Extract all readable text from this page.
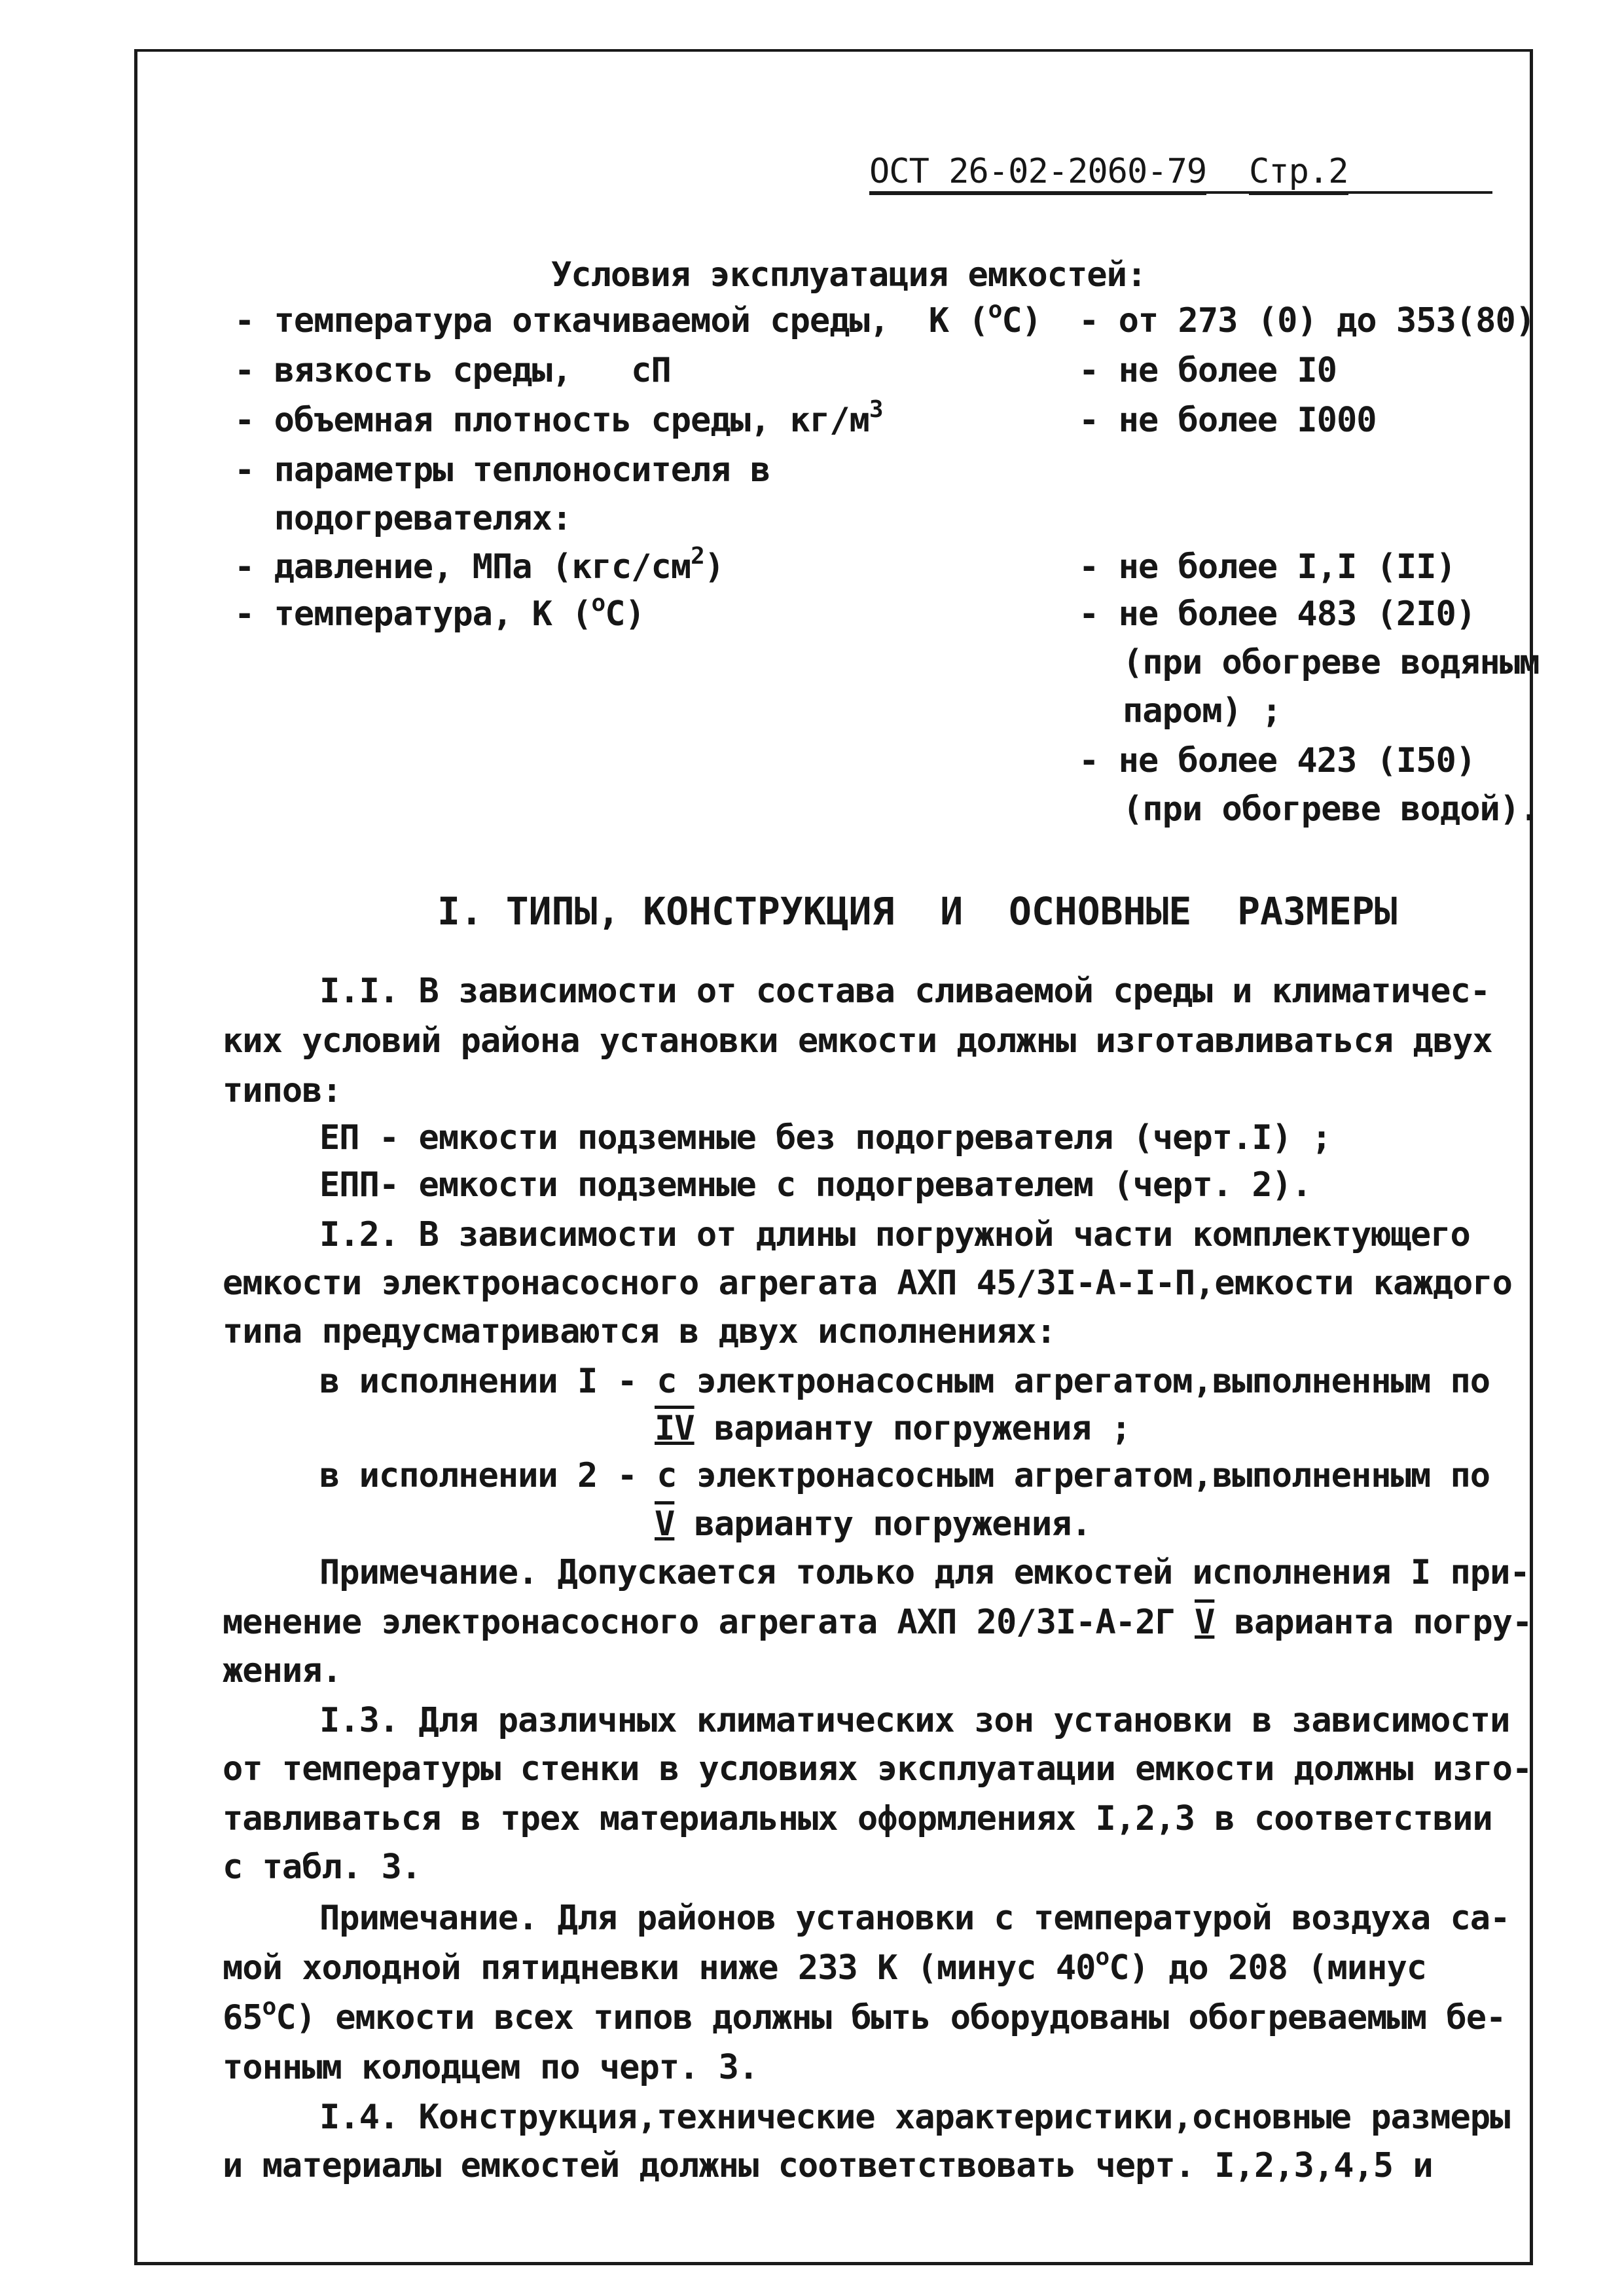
ОСТ 26-02-2060-79 Стр.2
Условия эксплуатация емкостей:
- температура откачиваемой среды,  К ($^о$С) - от 273 (0) до 353(80)
- вязкость среды,   сП	- не более I0
- объемная плотность среды, $кг/м^3$	- не более I000
- параметры теплоносителя в
подогревателях:
- давление, МПа $(кгс/см^2)$	- не более I,I (II)
- температура, К ($^о$С)	- не более 483 (2I0)
(при обогреве водяным
паром) ;
- не более 423 (I50)
(при обогреве водой).
I. ТИПЫ, КОНСТРУКЦИЯ  И  ОСНОВНЫЕ  РАЗМЕРЫ
I.I. В зависимости от состава сливаемой среды и климатичес-
ких условий района установки емкости должны изготавливаться двух
типов:
ЕП - емкости подземные без подогревателя (черт.I) ;
ЕПП- емкости подземные с подогревателем (черт. 2).
I.2. В зависимости от длины погружной части комплектующего
емкости электронасосного агрегата АХП 45/3I-А-I-П,емкости каждого
типа предусматриваются в двух исполнениях:
в исполнении I - с электронасосным агрегатом,выполненным по
IV варианту погружения ;
в исполнении 2 - с электронасосным агрегатом,выполненным по
V варианту погружения.
Примечание. Допускается только для емкостей исполнения I при-
менение электронасосного агрегата АХП 20/3I-А-2Г V варианта погру-
жения.
I.3. Для различных климатических зон установки в зависимости
от температуры стенки в условиях эксплуатации емкости должны изго-
тавливаться в трех материальных оформлениях I,2,3 в соответствии
с табл. 3.
Примечание. Для районов установки с температурой воздуха са-
мой холодной пятидневки ниже 233 К (минус $40^оС$) до 208 (минус
$65^оС$) емкости всех типов должны быть оборудованы обогреваемым бе-
тонным колодцем по черт. 3.
I.4. Конструкция,технические характеристики,основные размеры
и материалы емкостей должны соответствовать черт. I,2,3,4,5 и
